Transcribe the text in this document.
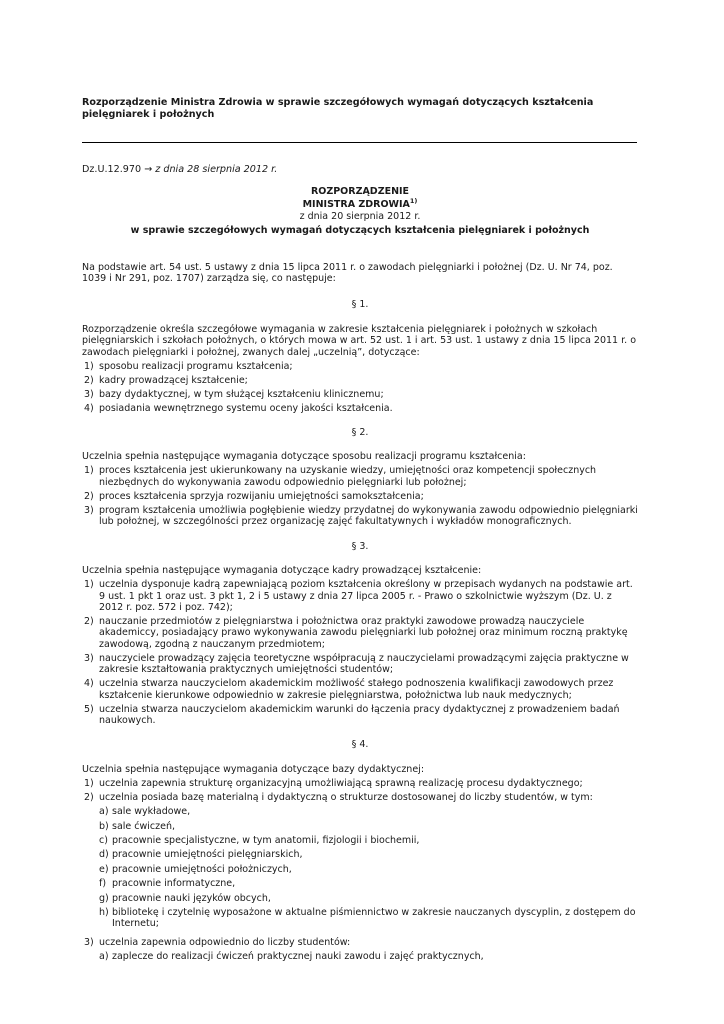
Rozporządzenie Ministra Zdrowia w sprawie szczegółowych wymagań dotyczących kształcenia pielęgniarek i położnych
Dz.U.12.970 → z dnia 28 sierpnia 2012 r.
ROZPORZĄDZENIE
MINISTRA ZDROWIA$^{1)}$
z dnia 20 sierpnia 2012 r.
w sprawie szczegółowych wymagań dotyczących kształcenia pielęgniarek i położnych

Na podstawie art. 54 ust. 5 ustawy z dnia 15 lipca 2011 r. o zawodach pielęgniarki i położnej (Dz. U. Nr 74, poz. 1039 i Nr 291, poz. 1707) zarządza się, co następuje:

§ 1.

Rozporządzenie określa szczegółowe wymagania w zakresie kształcenia pielęgniarek i położnych w szkołach pielęgniarskich i szkołach położnych, o których mowa w art. 52 ust. 1 i art. 53 ust. 1 ustawy z dnia 15 lipca 2011 r. o zawodach pielęgniarki i położnej, zwanych dalej „uczelnią”, dotyczące:

1) sposobu realizacji programu kształcenia;
2) kadry prowadzącej kształcenie;
3) bazy dydaktycznej, w tym służącej kształceniu klinicznemu;
4) posiadania wewnętrznego systemu oceny jakości kształcenia.
§ 2.

Uczelnia spełnia następujące wymagania dotyczące sposobu realizacji programu kształcenia:

1) proces kształcenia jest ukierunkowany na uzyskanie wiedzy, umiejętności oraz kompetencji społecznych niezbędnych do wykonywania zawodu odpowiednio pielęgniarki lub położnej;
2) proces kształcenia sprzyja rozwijaniu umiejętności samokształcenia;
3) program kształcenia umożliwia pogłębienie wiedzy przydatnej do wykonywania zawodu odpowiednio pielęgniarki lub położnej, w szczególności przez organizację zajęć fakultatywnych i wykładów monograficznych.
§ 3.

Uczelnia spełnia następujące wymagania dotyczące kadry prowadzącej kształcenie:

1) uczelnia dysponuje kadrą zapewniającą poziom kształcenia określony w przepisach wydanych na podstawie art. 9 ust. 1 pkt 1 oraz ust. 3 pkt 1, 2 i 5 ustawy z dnia 27 lipca 2005 r. - Prawo o szkolnictwie wyższym (Dz. U. z 2012 r. poz. 572 i poz. 742);
2) nauczanie przedmiotów z pielęgniarstwa i położnictwa oraz praktyki zawodowe prowadzą nauczyciele akademiccy, posiadający prawo wykonywania zawodu pielęgniarki lub położnej oraz minimum roczną praktykę zawodową, zgodną z nauczanym przedmiotem;
3) nauczyciele prowadzący zajęcia teoretyczne współpracują z nauczycielami prowadzącymi zajęcia praktyczne w zakresie kształtowania praktycznych umiejętności studentów;
4) uczelnia stwarza nauczycielom akademickim możliwość stałego podnoszenia kwalifikacji zawodowych przez kształcenie kierunkowe odpowiednio w zakresie pielęgniarstwa, położnictwa lub nauk medycznych;
5) uczelnia stwarza nauczycielom akademickim warunki do łączenia pracy dydaktycznej z prowadzeniem badań naukowych.
§ 4.

Uczelnia spełnia następujące wymagania dotyczące bazy dydaktycznej:

1) uczelnia zapewnia strukturę organizacyjną umożliwiającą sprawną realizację procesu dydaktycznego;
2) uczelnia posiada bazę materialną i dydaktyczną o strukturze dostosowanej do liczby studentów, w tym:
a) sale wykładowe,
b) sale ćwiczeń,
c) pracownie specjalistyczne, w tym anatomii, fizjologii i biochemii,
d) pracownie umiejętności pielęgniarskich,
e) pracownie umiejętności położniczych,
f) pracownie informatyczne,
g) pracownie nauki języków obcych,
h) bibliotekę i czytelnię wyposażone w aktualne piśmiennictwo w zakresie nauczanych dyscyplin, z dostępem do Internetu;
3) uczelnia zapewnia odpowiednio do liczby studentów:
a) zaplecze do realizacji ćwiczeń praktycznej nauki zawodu i zajęć praktycznych,
